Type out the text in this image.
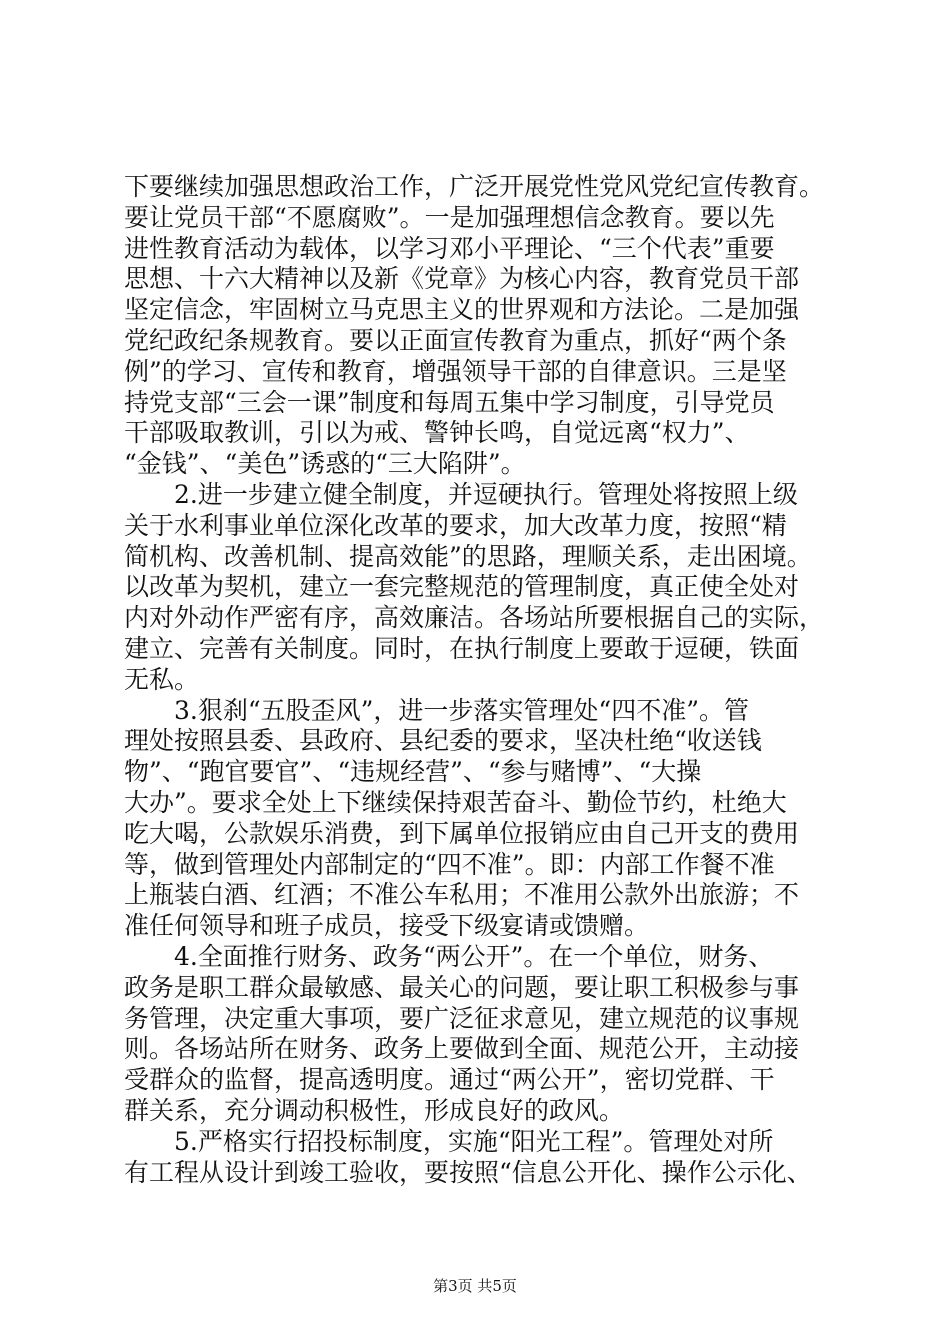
下要继续加强思想政治工作，广泛开展党性党风党纪宣传教育。
要让党员干部“不愿腐败”。一是加强理想信念教育。要以先
进性教育活动为载体，以学习邓小平理论、“三个代表”重要
思想、十六大精神以及新《党章》为核心内容，教育党员干部
坚定信念，牢固树立马克思主义的世界观和方法论。二是加强
党纪政纪条规教育。要以正面宣传教育为重点，抓好“两个条
例”的学习、宣传和教育，增强领导干部的自律意识。三是坚
持党支部“三会一课”制度和每周五集中学习制度，引导党员
干部吸取教训，引以为戒、警钟长鸣，自觉远离“权力”、
“金钱”、“美色”诱惑的“三大陷阱”。
2.进一步建立健全制度，并逗硬执行。管理处将按照上级
关于水利事业单位深化改革的要求，加大改革力度，按照“精
简机构、改善机制、提高效能”的思路，理顺关系，走出困境。
以改革为契机，建立一套完整规范的管理制度，真正使全处对
内对外动作严密有序，高效廉洁。各场站所要根据自己的实际，
建立、完善有关制度。同时，在执行制度上要敢于逗硬，铁面
无私。
3.狠刹“五股歪风”，进一步落实管理处“四不准”。管
理处按照县委、县政府、县纪委的要求，坚决杜绝“收送钱
物”、“跑官要官”、“违规经营”、“参与赌博”、“大操
大办”。要求全处上下继续保持艰苦奋斗、勤俭节约，杜绝大
吃大喝，公款娱乐消费，到下属单位报销应由自己开支的费用
等，做到管理处内部制定的“四不准”。即：内部工作餐不准
上瓶装白酒、红酒；不准公车私用；不准用公款外出旅游；不
准任何领导和班子成员，接受下级宴请或馈赠。
4.全面推行财务、政务“两公开”。在一个单位，财务、
政务是职工群众最敏感、最关心的问题，要让职工积极参与事
务管理，决定重大事项，要广泛征求意见，建立规范的议事规
则。各场站所在财务、政务上要做到全面、规范公开，主动接
受群众的监督，提高透明度。通过“两公开”，密切党群、干
群关系，充分调动积极性，形成良好的政风。
5.严格实行招投标制度，实施“阳光工程”。管理处对所
有工程从设计到竣工验收，要按照“信息公开化、操作公示化、
第3页 共5页
